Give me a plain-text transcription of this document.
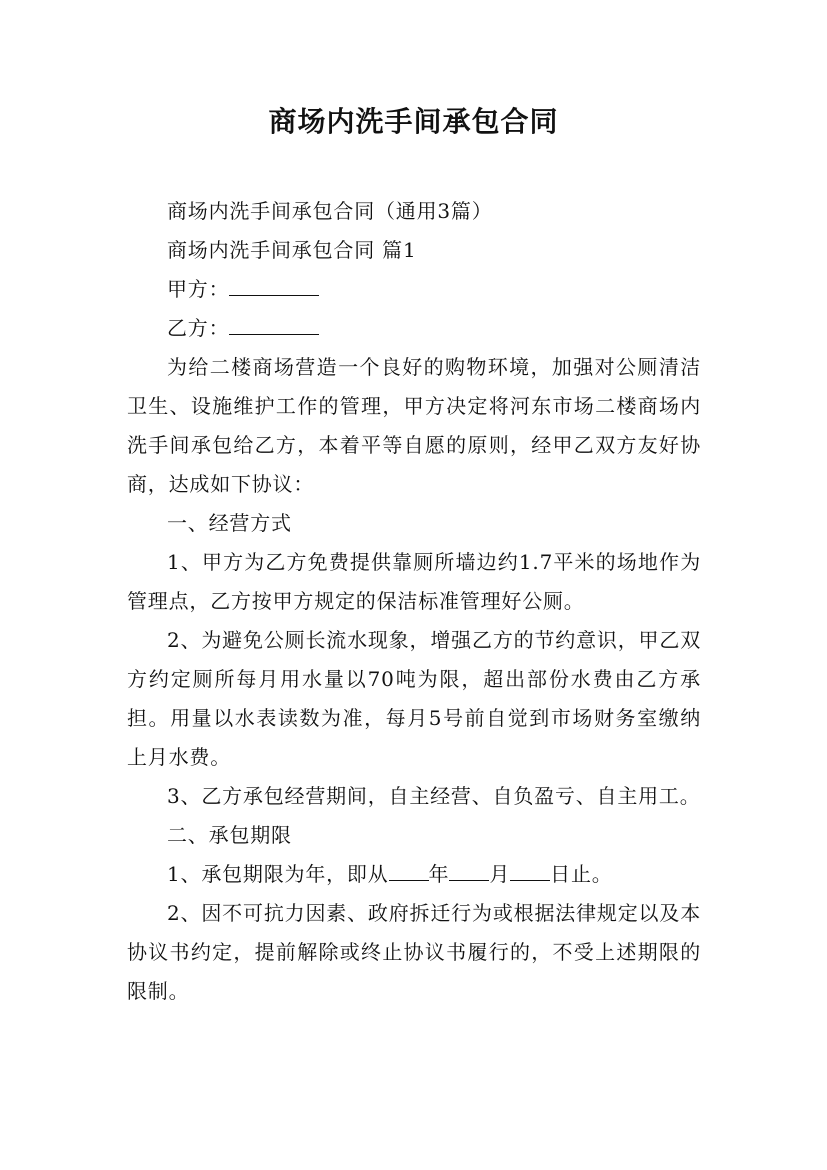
商场内洗手间承包合同

商场内洗手间承包合同（通用3篇）

商场内洗手间承包合同 篇1

甲方：

乙方：

为给二楼商场营造一个良好的购物环境，加强对公厕清洁卫生、设施维护工作的管理，甲方决定将河东市场二楼商场内洗手间承包给乙方，本着平等自愿的原则，经甲乙双方友好协商，达成如下协议：

一、经营方式

1、甲方为乙方免费提供靠厕所墙边约1.7平米的场地作为管理点，乙方按甲方规定的保洁标准管理好公厕。

2、为避免公厕长流水现象，增强乙方的节约意识，甲乙双方约定厕所每月用水量以70吨为限，超出部份水费由乙方承担。用量以水表读数为准，每月5号前自觉到市场财务室缴纳上月水费。

3、乙方承包经营期间，自主经营、自负盈亏、自主用工。

二、承包期限

1、承包期限为年，即从 年 月 日止。

2、因不可抗力因素、政府拆迁行为或根据法律规定以及本协议书约定，提前解除或终止协议书履行的，不受上述期限的限制。
